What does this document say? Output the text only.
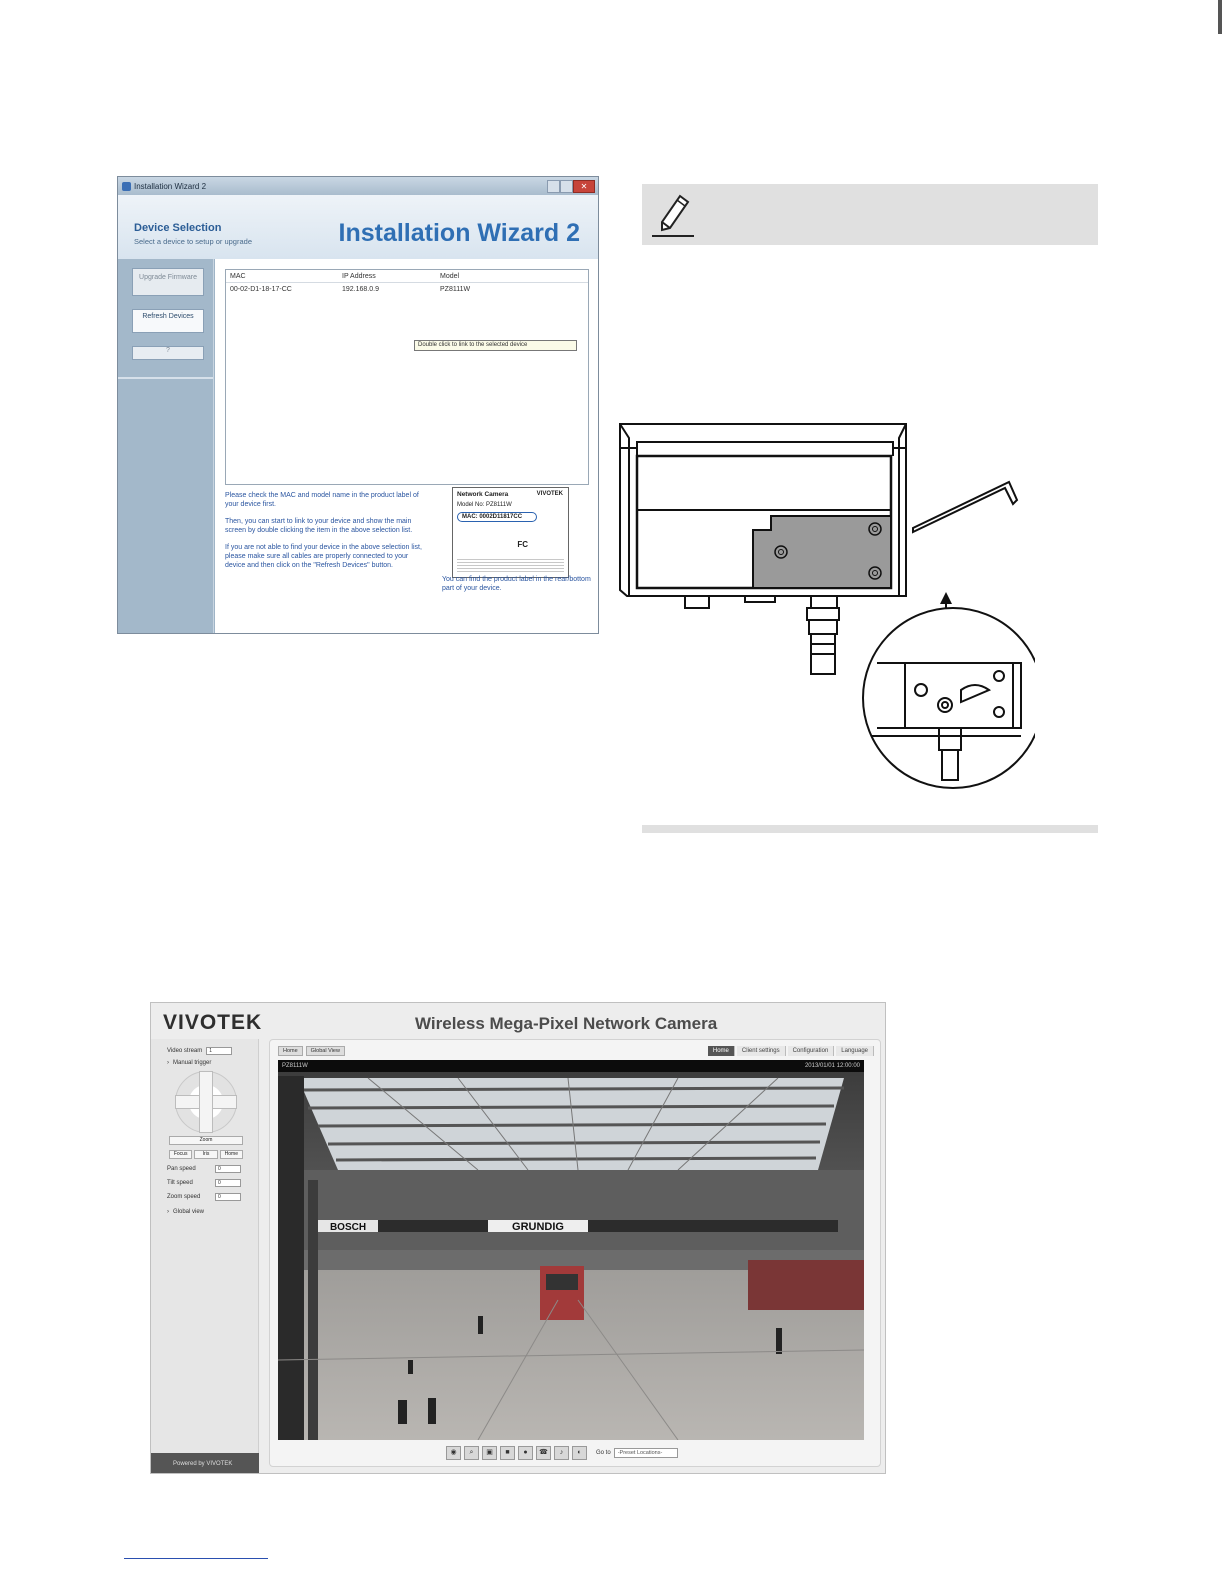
Installation Wizard 2	✕
Device Selection
Select a device to setup or upgrade	Installation Wizard 2
Upgrade Firmware
Refresh Devices
?
MAC	IP Address	Model
00-02-D1-18-17-CC	192.168.0.9	PZ8111W
Double click to link to the selected device

Please check the MAC and model name in the product label of your device first.

Then, you can start to link to your device and show the main screen by double clicking the item in the above selection list.

If you are not able to find your device in the above selection list, please make sure all cables are properly connected to your device and then click on the "Refresh Devices" button.

Network Camera	VIVOTEK
Model No: PZ8111W
MAC: 0002D11817CC
FC
You can find the product label in the rear/bottom part of your device.
VIVOTEK	Wireless Mega-Pixel Network Camera
Video stream	1
› Manual trigger
Zoom
Focus	Iris	Home
Pan speed	0
Tilt speed	0
Zoom speed	0
› Global view
Powered by VIVOTEK
Home	Global View	Home	Client settings	Configuration	Language
GRUNDIG
BOSCH
PZ8111W	2013/01/01 12:00:00
◉	⌕	▣	■	●	☎	♪	◐	Go to	-Preset Locations-
